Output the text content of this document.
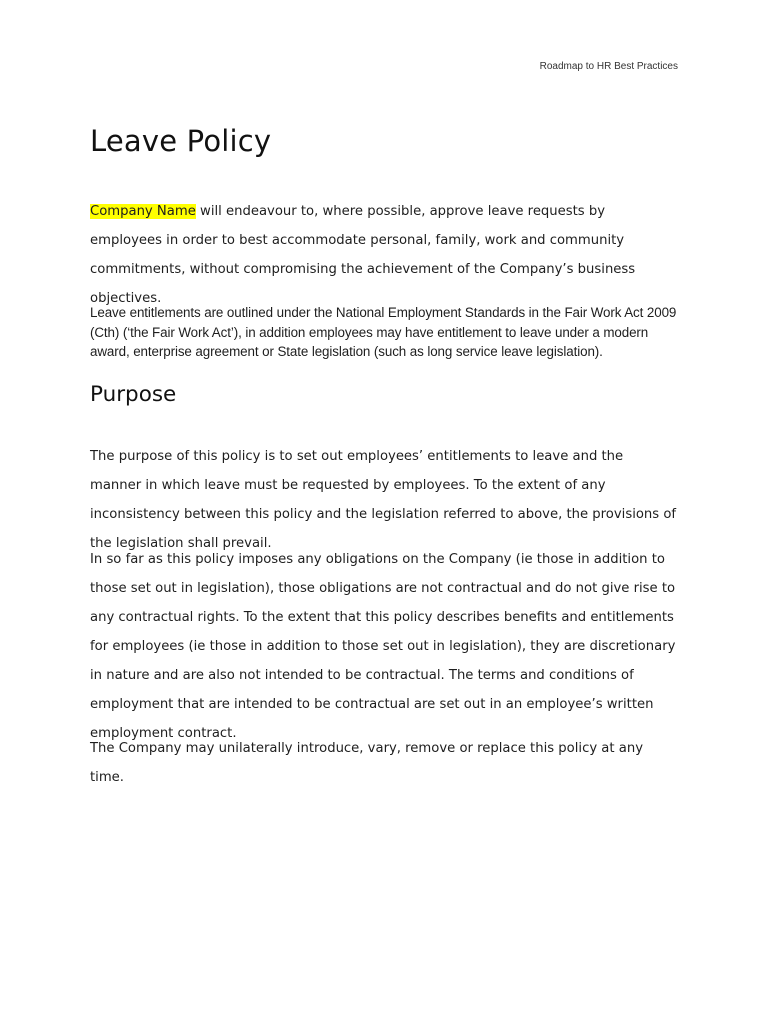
Roadmap to HR Best Practices
Leave Policy

Company Name will endeavour to, where possible, approve leave requests by employees in order to best accommodate personal, family, work and community commitments, without compromising the achievement of the Company’s business objectives.

Leave entitlements are outlined under the National Employment Standards in the Fair Work Act 2009 (Cth) (‘the Fair Work Act’), in addition employees may have entitlement to leave under a modern award, enterprise agreement or State legislation (such as long service leave legislation).

Purpose

The purpose of this policy is to set out employees’ entitlements to leave and the manner in which leave must be requested by employees. To the extent of any inconsistency between this policy and the legislation referred to above, the provisions of the legislation shall prevail.

In so far as this policy imposes any obligations on the Company (ie those in addition to those set out in legislation), those obligations are not contractual and do not give rise to any contractual rights. To the extent that this policy describes benefits and entitlements for employees (ie those in addition to those set out in legislation), they are discretionary in nature and are also not intended to be contractual. The terms and conditions of employment that are intended to be contractual are set out in an employee’s written employment contract.

The Company may unilaterally introduce, vary, remove or replace this policy at any time.
